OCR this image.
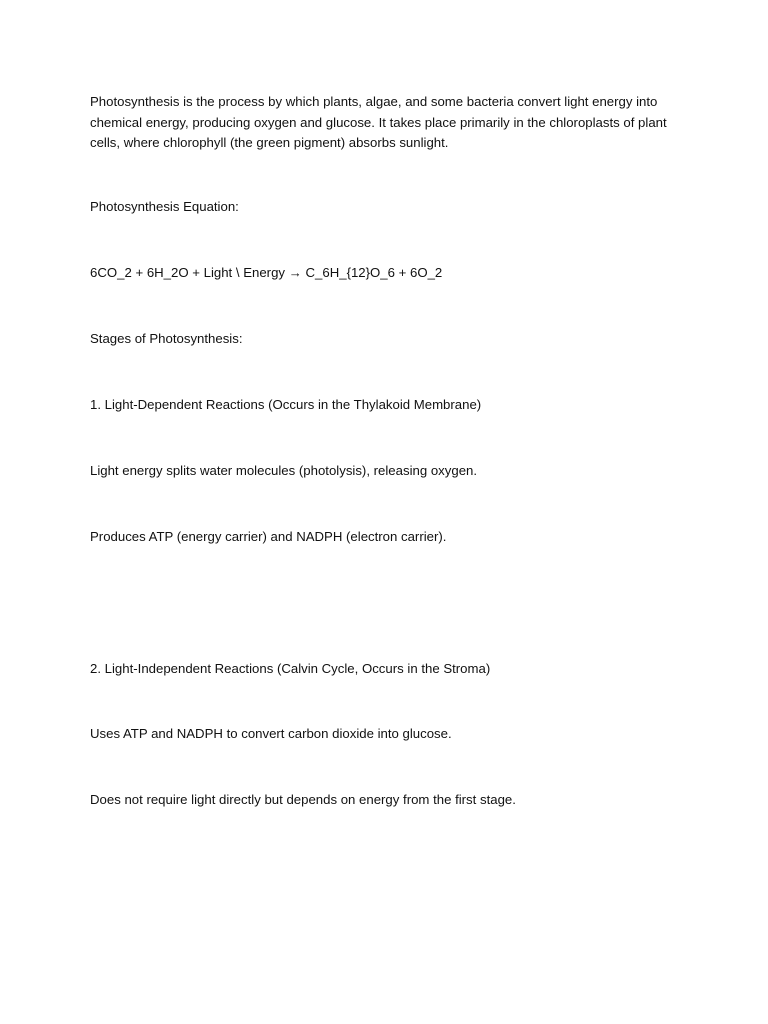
Photosynthesis is the process by which plants, algae, and some bacteria convert light energy into chemical energy, producing oxygen and glucose. It takes place primarily in the chloroplasts of plant cells, where chlorophyll (the green pigment) absorbs sunlight.

Photosynthesis Equation:

6CO_2 + 6H_2O + Light \ Energy → C_6H_{12}O_6 + 6O_2

Stages of Photosynthesis:

1. Light-Dependent Reactions (Occurs in the Thylakoid Membrane)

Light energy splits water molecules (photolysis), releasing oxygen.

Produces ATP (energy carrier) and NADPH (electron carrier).

2. Light-Independent Reactions (Calvin Cycle, Occurs in the Stroma)

Uses ATP and NADPH to convert carbon dioxide into glucose.

Does not require light directly but depends on energy from the first stage.
